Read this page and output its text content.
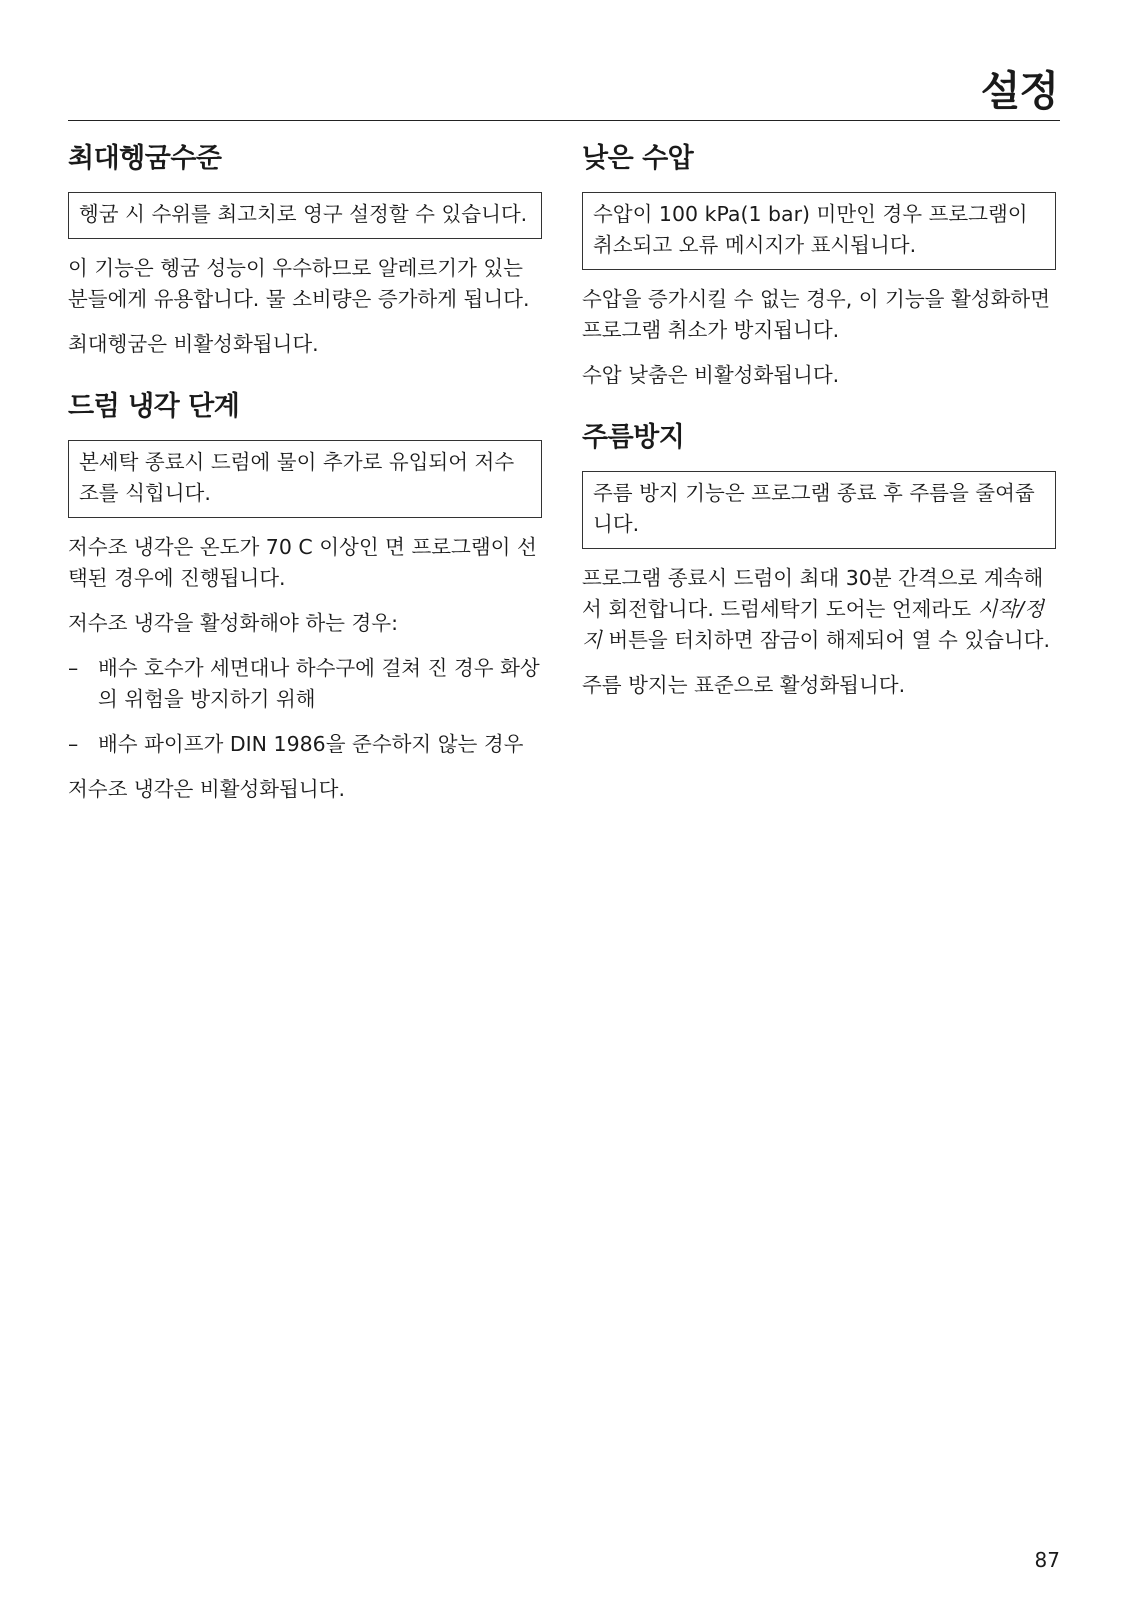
설정
최대헹굼수준
헹굼 시 수위를 최고치로 영구 설정할 수 있습니다.

이 기능은 헹굼 성능이 우수하므로 알레르기가 있는 분들에게 유용합니다. 물 소비량은 증가하게 됩니다.

최대헹굼은 비활성화됩니다.

드럼 냉각 단계
본세탁 종료시 드럼에 물이 추가로 유입되어 저수조를 식힙니다.

저수조 냉각은 온도가 70 C 이상인 면 프로그램이 선택된 경우에 진행됩니다.

저수조 냉각을 활성화해야 하는 경우:

– 배수 호수가 세면대나 하수구에 걸쳐 진 경우 화상의 위험을 방지하기 위해
– 배수 파이프가 DIN 1986을 준수하지 않는 경우

저수조 냉각은 비활성화됩니다.

낮은 수압
수압이 100 kPa(1 bar) 미만인 경우 프로그램이 취소되고 오류 메시지가 표시됩니다.

수압을 증가시킬 수 없는 경우, 이 기능을 활성화하면 프로그램 취소가 방지됩니다.

수압 낮춤은 비활성화됩니다.

주름방지
주름 방지 기능은 프로그램 종료 후 주름을 줄여줍니다.

프로그램 종료시 드럼이 최대 30분 간격으로 계속해서 회전합니다. 드럼세탁기 도어는 언제라도 시작/정지 버튼을 터치하면 잠금이 해제되어 열 수 있습니다.

주름 방지는 표준으로 활성화됩니다.

87
